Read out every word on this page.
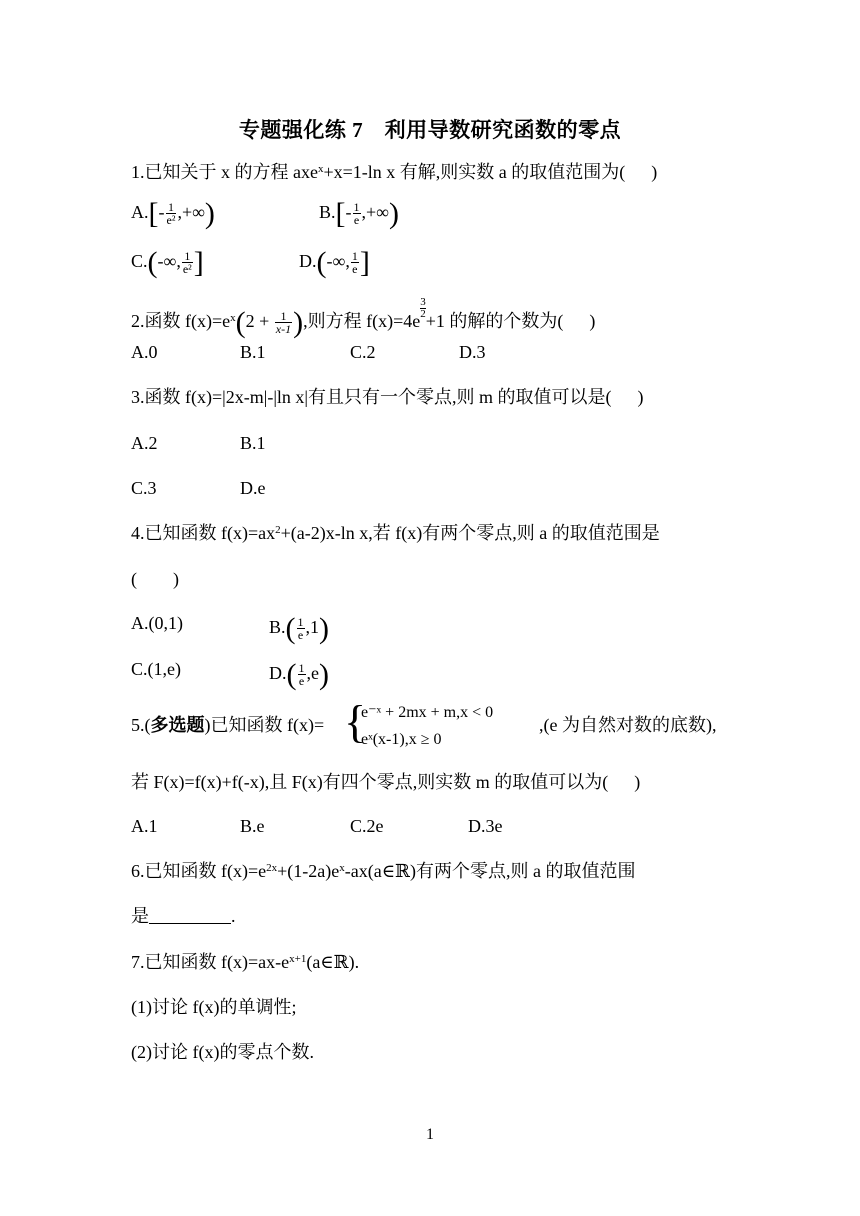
专题强化练 7　利用导数研究函数的零点
1.已知关于 x 的方程 axe$^x$+x=1-ln x 有解,则实数 a 的取值范围为( )
$A.[- \frac{1}{\text{e²}}$ ,+∞)	$B.[- \frac{1}{e}$ ,+∞)
C.(-∞, $\frac{1}{\text{e²}}$ ]	D.(-∞, $\frac{1}{e}$ ]
2.函数 $f(x)=e^x(2 + \frac{1}{x-1}$ ),则方程 f(x)=4e
$\frac{3}{2}$
+1 的解的个数为( )
A.0	B.1	C.2	D.3
3.函数 f(x)=|2x-m|-|ln x|有且只有一个零点,则 m 的取值可以是( )
A.2	B.1
C.3	D.e
4.已知函数 $f(x)=ax^2+(a-2)x-\ln$ x,若 f(x)有两个零点,则 a 的取值范围是
(　　)
A.(0,1)	$B.( \frac{1}{e} ,1)$
C.(1,e)	$D.( \frac{1}{e} ,e)$
5.(多选题)已知函数 f(x)= {
e⁻ˣ + 2mx + m,x < 0
eˣ(x-1),x ≥ 0
,(e 为自然对数的底数),
若 F(x)=f(x)+f(-x),且 F(x)有四个零点,则实数 m 的取值可以为( )
A.1	B.e	C.2e	D.3e
6.已知函数 $f(x)=e^{2x}+(1-2a)e^x-ax(a\in ℝ)$有两个零点,则 a 的取值范围
是	.
7.已知函数 $f(x)=ax-e^{x+1}(a\in ℝ)$.
(1)讨论 f(x)的单调性;
(2)讨论 f(x)的零点个数.
1
